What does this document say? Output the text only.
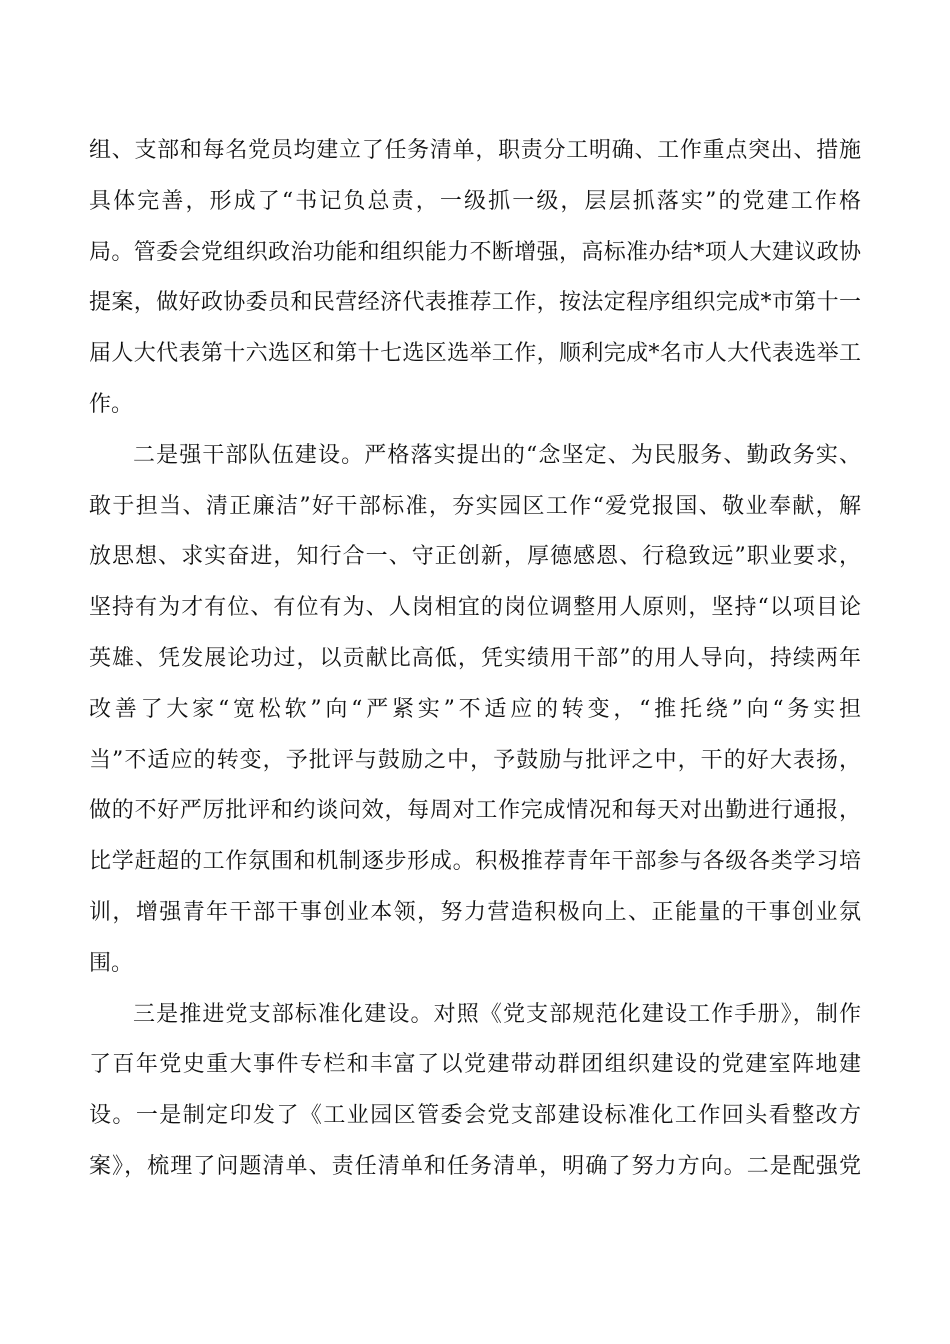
组、支部和每名党员均建立了任务清单，职责分工明确、工作重点突出、措施
具体完善，形成了“书记负总责，一级抓一级，层层抓落实”的党建工作格
局。管委会党组织政治功能和组织能力不断增强，高标准办结*项人大建议政协
提案，做好政协委员和民营经济代表推荐工作，按法定程序组织完成*市第十一
届人大代表第十六选区和第十七选区选举工作，顺利完成*名市人大代表选举工
作。
二是强干部队伍建设。严格落实提出的“念坚定、为民服务、勤政务实、
敢于担当、清正廉洁”好干部标准，夯实园区工作“爱党报国、敬业奉献，解
放思想、求实奋进，知行合一、守正创新，厚德感恩、行稳致远”职业要求，
坚持有为才有位、有位有为、人岗相宜的岗位调整用人原则，坚持“以项目论
英雄、凭发展论功过，以贡献比高低，凭实绩用干部”的用人导向，持续两年
改善了大家“宽松软”向“严紧实”不适应的转变，“推托绕”向“务实担
当”不适应的转变，予批评与鼓励之中，予鼓励与批评之中，干的好大表扬，
做的不好严厉批评和约谈问效，每周对工作完成情况和每天对出勤进行通报，
比学赶超的工作氛围和机制逐步形成。积极推荐青年干部参与各级各类学习培
训，增强青年干部干事创业本领，努力营造积极向上、正能量的干事创业氛
围。
三是推进党支部标准化建设。对照《党支部规范化建设工作手册》，制作
了百年党史重大事件专栏和丰富了以党建带动群团组织建设的党建室阵地建
设。一是制定印发了《工业园区管委会党支部建设标准化工作回头看整改方
案》，梳理了问题清单、责任清单和任务清单，明确了努力方向。二是配强党
